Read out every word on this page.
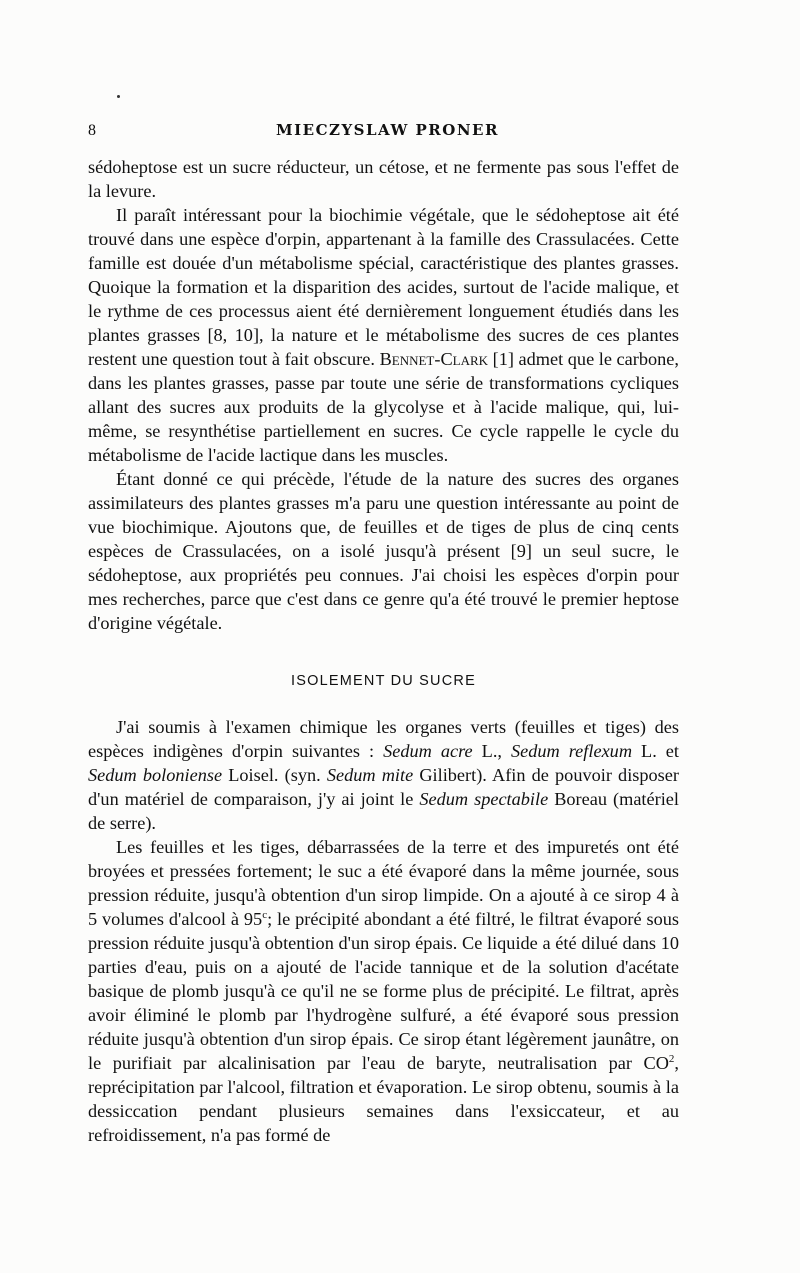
8	MIECZYSLAW PRONER

sédoheptose est un sucre réducteur, un cétose, et ne fermente pas sous l'effet de la levure.

Il paraît intéressant pour la biochimie végétale, que le sédoheptose ait été trouvé dans une espèce d'orpin, appartenant à la famille des Crassulacées. Cette famille est douée d'un métabolisme spécial, caractéristique des plantes grasses. Quoique la formation et la disparition des acides, surtout de l'acide malique, et le rythme de ces processus aient été dernièrement longuement étudiés dans les plantes grasses [8, 10], la nature et le métabolisme des sucres de ces plantes restent une question tout à fait obscure. Bennet-Clark [1] admet que le carbone, dans les plantes grasses, passe par toute une série de transformations cycliques allant des sucres aux produits de la glycolyse et à l'acide malique, qui, lui-même, se resynthétise partiellement en sucres. Ce cycle rappelle le cycle du métabolisme de l'acide lactique dans les muscles.

Étant donné ce qui précède, l'étude de la nature des sucres des organes assimilateurs des plantes grasses m'a paru une question intéressante au point de vue biochimique. Ajoutons que, de feuilles et de tiges de plus de cinq cents espèces de Crassulacées, on a isolé jusqu'à présent [9] un seul sucre, le sédoheptose, aux propriétés peu connues. J'ai choisi les espèces d'orpin pour mes recherches, parce que c'est dans ce genre qu'a été trouvé le premier heptose d'origine végétale.

ISOLEMENT DU SUCRE

J'ai soumis à l'examen chimique les organes verts (feuilles et tiges) des espèces indigènes d'orpin suivantes : Sedum acre L., Sedum reflexum L. et Sedum boloniense Loisel. (syn. Sedum mite Gilibert). Afin de pouvoir disposer d'un matériel de comparaison, j'y ai joint le Sedum spectabile Boreau (matériel de serre).

Les feuilles et les tiges, débarrassées de la terre et des impuretés ont été broyées et pressées fortement; le suc a été évaporé dans la même journée, sous pression réduite, jusqu'à obtention d'un sirop limpide. On a ajouté à ce sirop 4 à 5 volumes d'alcool à 95$^c$; le précipité abondant a été filtré, le filtrat évaporé sous pression réduite jusqu'à obtention d'un sirop épais. Ce liquide a été dilué dans 10 parties d'eau, puis on a ajouté de l'acide tannique et de la solution d'acétate basique de plomb jusqu'à ce qu'il ne se forme plus de précipité. Le filtrat, après avoir éliminé le plomb par l'hydrogène sulfuré, a été évaporé sous pression réduite jusqu'à obtention d'un sirop épais. Ce sirop étant légèrement jaunâtre, on le purifiait par alcalinisation par l'eau de baryte, neutralisation par $CO^2$, reprécipitation par l'alcool, filtration et évaporation. Le sirop obtenu, soumis à la dessiccation pendant plusieurs semaines dans l'exsiccateur, et au refroidissement, n'a pas formé de
